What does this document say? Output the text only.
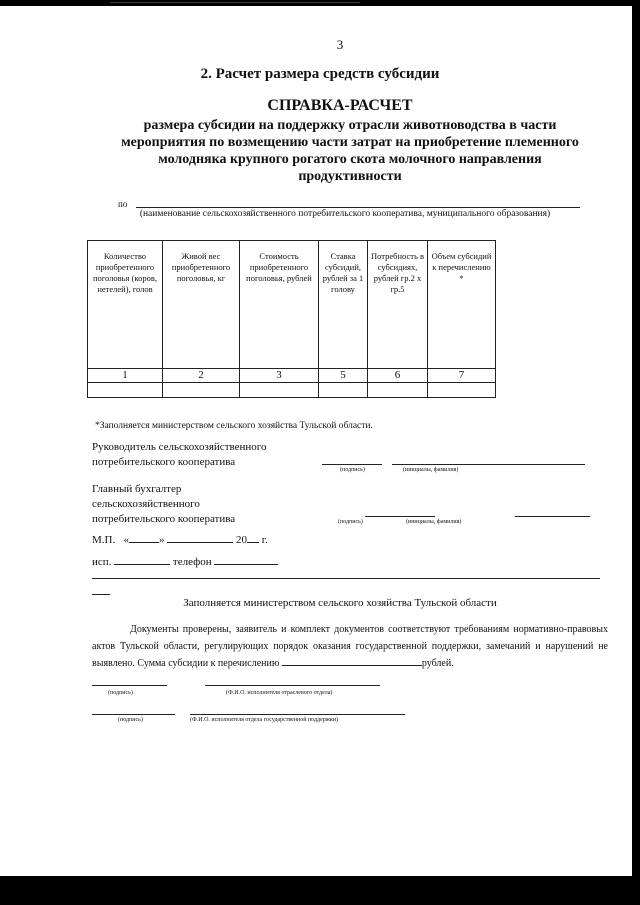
3
2. Расчет размера средств субсидии
СПРАВКА-РАСЧЕТ
размера субсидии на поддержку отрасли животноводства в части мероприятия по возмещению части затрат на приобретение племенного молодняка крупного рогатого скота молочного направления продуктивности
по
(наименование сельскохозяйственного потребительского кооператива, муниципального образования)
Количество приобретенного поголовья (коров, нетелей), голов	Живой вес приобретенного поголовья, кг	Стоимость приобретенного поголовья, рублей	Ставка субсидий, рублей за 1 голову	Потребность в субсидиях, рублей гр.2 х гр.5	Объем субсидий к перечислению *
1	2	3	5	6	7

*Заполняется министерством сельского хозяйства Тульской области.
Руководитель сельскохозяйственного потребительского кооператива
(подпись)	(инициалы, фамилия)
Главный бухгалтер сельскохозяйственного потребительского кооператива	(подпись)	(инициалы, фамилия)
М.П. «	»	20 г.
исп.	телефон
Заполняется министерством сельского хозяйства Тульской области
Документы проверены, заявитель и комплект документов соответствуют требованиям нормативно-правовых актов Тульской области, регулирующих порядок оказания государственной поддержки, замечаний и нарушений не выявлено. Сумма субсидии к перечислению	рублей.
(подпись)	(Ф.И.О. исполнителя отраслевого отдела)
(подпись)	(Ф.И.О. исполнителя отдела государственной поддержки)
